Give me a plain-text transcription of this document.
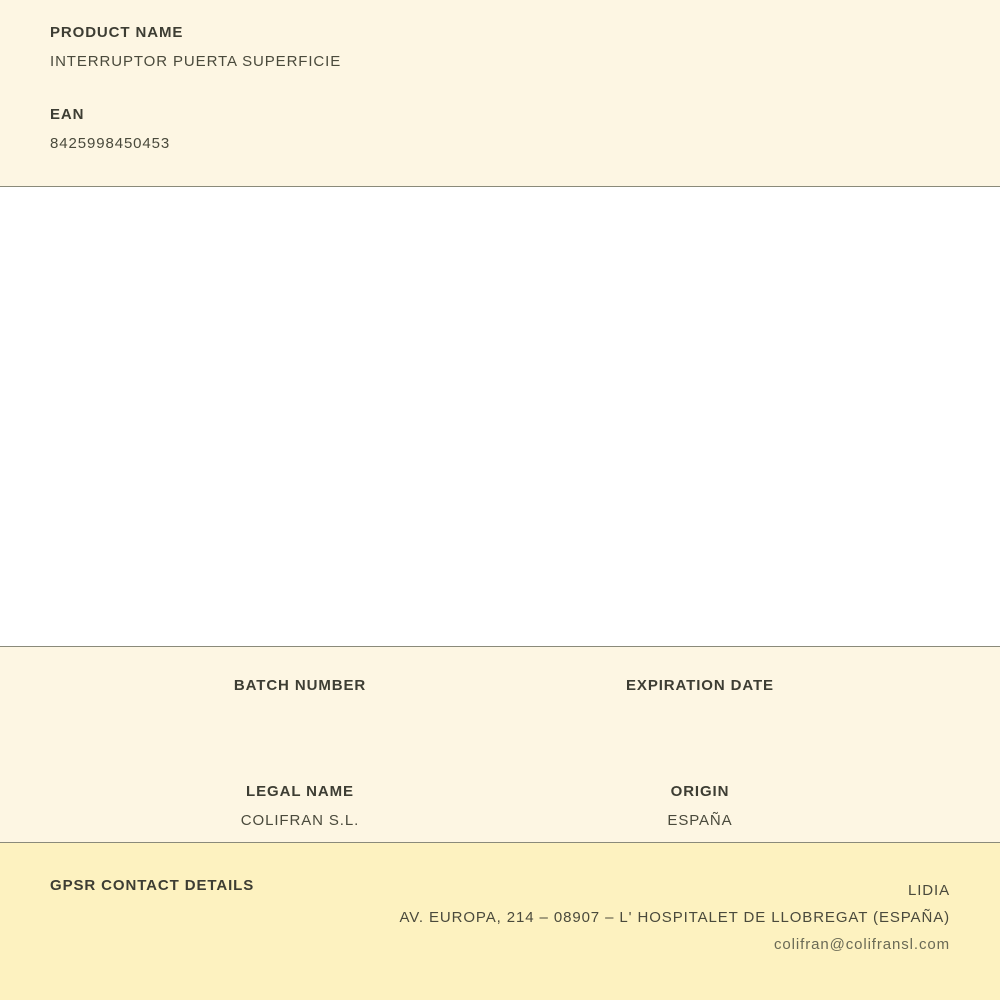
PRODUCT NAME

INTERRUPTOR PUERTA SUPERFICIE

EAN

8425998450453

BATCH NUMBER	EXPIRATION DATE

LEGAL NAME

COLIFRAN S.L.

ORIGIN

ESPAÑA

GPSR CONTACT DETAILS	LIDIA
AV. EUROPA, 214 – 08907 – L' HOSPITALET DE LLOBREGAT (ESPAÑA)
colifran@colifransl.com
